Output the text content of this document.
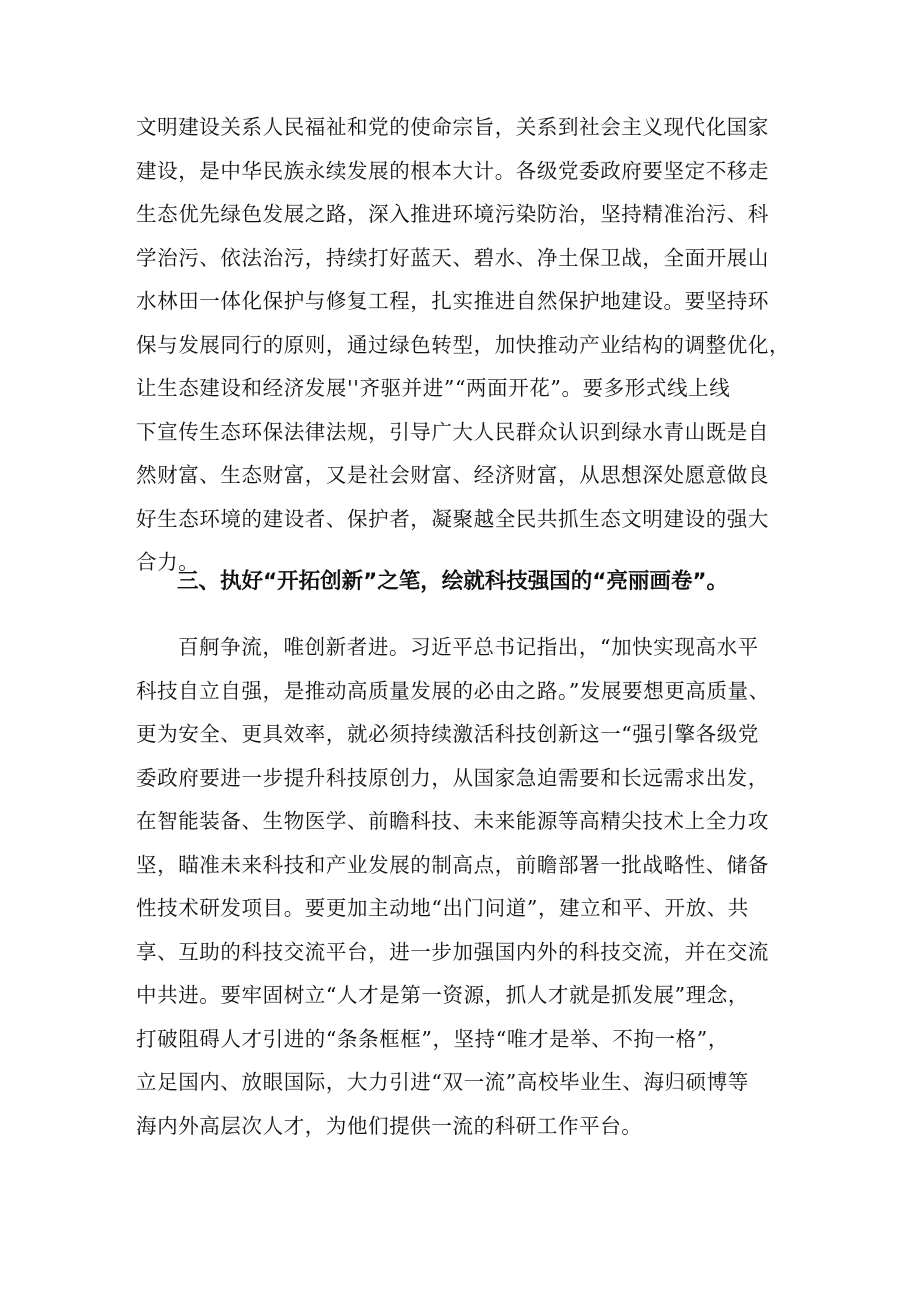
文明建设关系人民福祉和党的使命宗旨，关系到社会主义现代化国家
建设，是中华民族永续发展的根本大计。各级党委政府要坚定不移走
生态优先绿色发展之路，深入推进环境污染防治，坚持精准治污、科
学治污、依法治污，持续打好蓝天、碧水、净土保卫战，全面开展山
水林田一体化保护与修复工程，扎实推进自然保护地建设。要坚持环
保与发展同行的原则，通过绿色转型，加快推动产业结构的调整优化，
让生态建设和经济发展''齐驱并进”“两面开花”。要多形式线上线
下宣传生态环保法律法规，引导广大人民群众认识到绿水青山既是自
然财富、生态财富，又是社会财富、经济财富，从思想深处愿意做良
好生态环境的建设者、保护者，凝聚越全民共抓生态文明建设的强大
合力。
三、执好“开拓创新”之笔，绘就科技强国的“亮丽画卷”。
百舸争流，唯创新者进。习近平总书记指出，“加快实现高水平
科技自立自强，是推动高质量发展的必由之路。”发展要想更高质量、
更为安全、更具效率，就必须持续激活科技创新这一“强引擎各级党
委政府要进一步提升科技原创力，从国家急迫需要和长远需求出发，
在智能装备、生物医学、前瞻科技、未来能源等高精尖技术上全力攻
坚，瞄准未来科技和产业发展的制高点，前瞻部署一批战略性、储备
性技术研发项目。要更加主动地“出门问道”，建立和平、开放、共
享、互助的科技交流平台，进一步加强国内外的科技交流，并在交流
中共进。要牢固树立“人才是第一资源，抓人才就是抓发展”理念，
打破阻碍人才引进的“条条框框”，坚持“唯才是举、不拘一格”，
立足国内、放眼国际，大力引进“双一流”高校毕业生、海归硕博等
海内外高层次人才，为他们提供一流的科研工作平台。
